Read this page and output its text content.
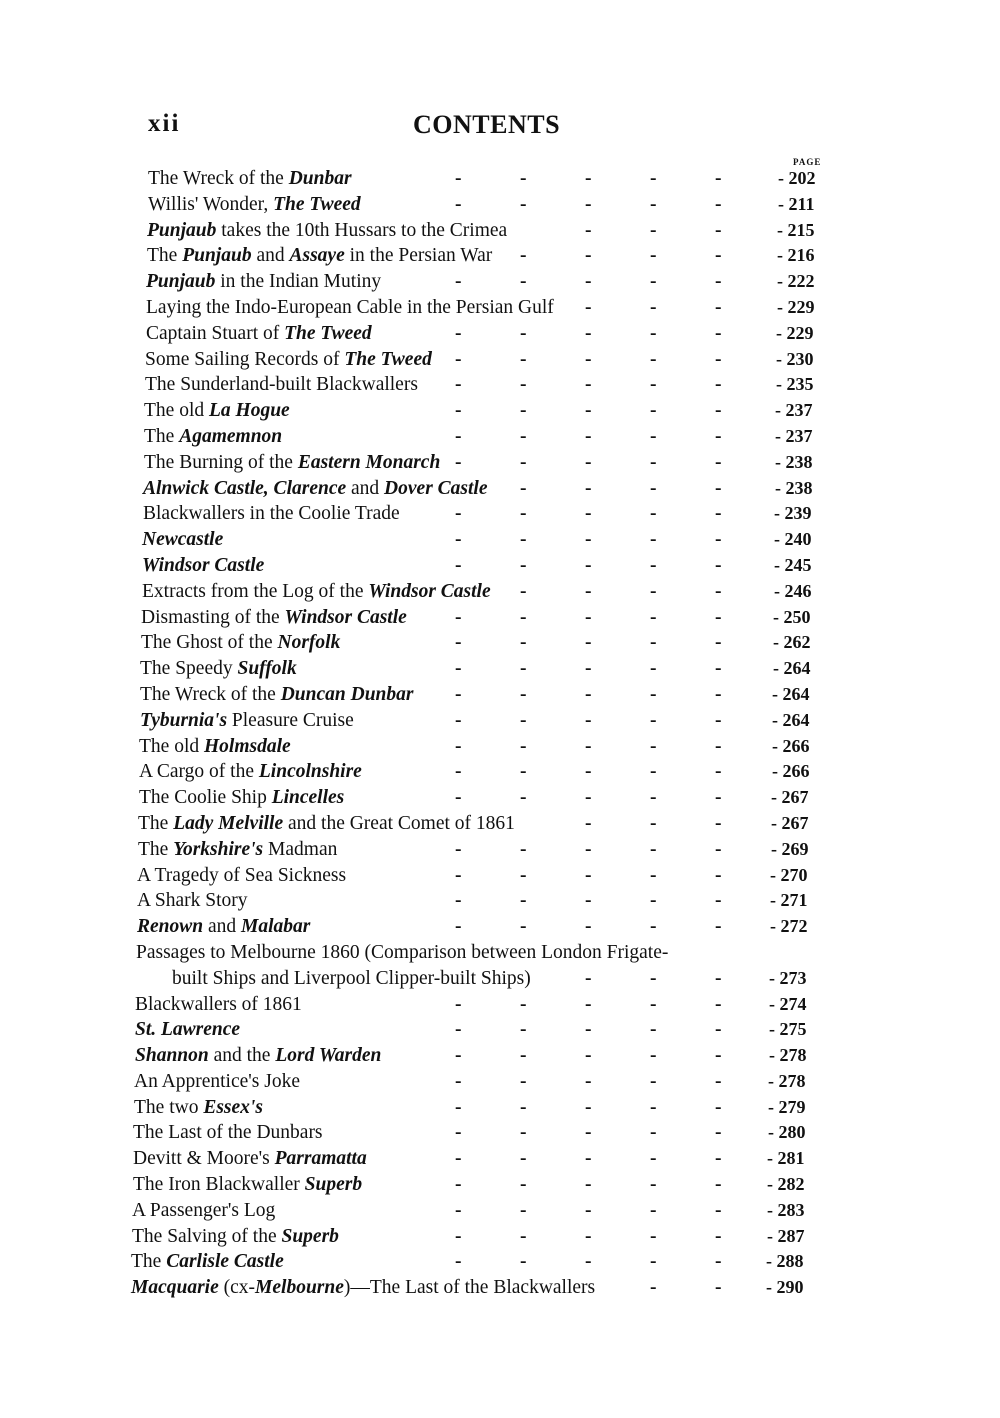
xii	CONTENTS
PAGE
The Wreck of the Dunbar	- 202
-	-	-	-	-
Willis' Wonder, The Tweed	- 211
-	-	-	-	-
Punjaub takes the 10th Hussars to the Crimea	- 215
-	-	-
The Punjaub and Assaye in the Persian War	- 216
-	-	-	-
Punjaub in the Indian Mutiny	- 222
-	-	-	-	-
Laying the Indo-European Cable in the Persian Gulf	- 229
-	-	-
Captain Stuart of The Tweed	- 229
-	-	-	-	-
Some Sailing Records of The Tweed	- 230
-	-	-	-	-
The Sunderland-built Blackwallers	- 235
-	-	-	-	-
The old La Hogue	- 237
-	-	-	-	-
The Agamemnon	- 237
-	-	-	-	-
The Burning of the Eastern Monarch	- 238
-	-	-	-	-
Alnwick Castle, Clarence and Dover Castle	- 238
-	-	-	-
Blackwallers in the Coolie Trade	- 239
-	-	-	-	-
Newcastle	- 240
-	-	-	-	-
Windsor Castle	- 245
-	-	-	-	-
Extracts from the Log of the Windsor Castle	- 246
-	-	-	-
Dismasting of the Windsor Castle	- 250
-	-	-	-	-
The Ghost of the Norfolk	- 262
-	-	-	-	-
The Speedy Suffolk	- 264
-	-	-	-	-
The Wreck of the Duncan Dunbar	- 264
-	-	-	-	-
Tyburnia's Pleasure Cruise	- 264
-	-	-	-	-
The old Holmsdale	- 266
-	-	-	-	-
A Cargo of the Lincolnshire	- 266
-	-	-	-	-
The Coolie Ship Lincelles	- 267
-	-	-	-	-
The Lady Melville and the Great Comet of 1861	- 267
-	-	-
The Yorkshire's Madman	- 269
-	-	-	-	-
A Tragedy of Sea Sickness	- 270
-	-	-	-	-
A Shark Story	- 271
-	-	-	-	-
Renown and Malabar	- 272
-	-	-	-	-
Passages to Melbourne 1860 (Comparison between London Frigate-
built Ships and Liverpool Clipper-built Ships)	- 273
-	-	-
Blackwallers of 1861	- 274
-	-	-	-	-
St. Lawrence	- 275
-	-	-	-	-
Shannon and the Lord Warden	- 278
-	-	-	-	-
An Apprentice's Joke	- 278
-	-	-	-	-
The two Essex's	- 279
-	-	-	-	-
The Last of the Dunbars	- 280
-	-	-	-	-
Devitt & Moore's Parramatta	- 281
-	-	-	-	-
The Iron Blackwaller Superb	- 282
-	-	-	-	-
A Passenger's Log	- 283
-	-	-	-	-
The Salving of the Superb	- 287
-	-	-	-	-
The Carlisle Castle	- 288
-	-	-	-	-
Macquarie (cx-Melbourne)—The Last of the Blackwallers	- 290
-	-
